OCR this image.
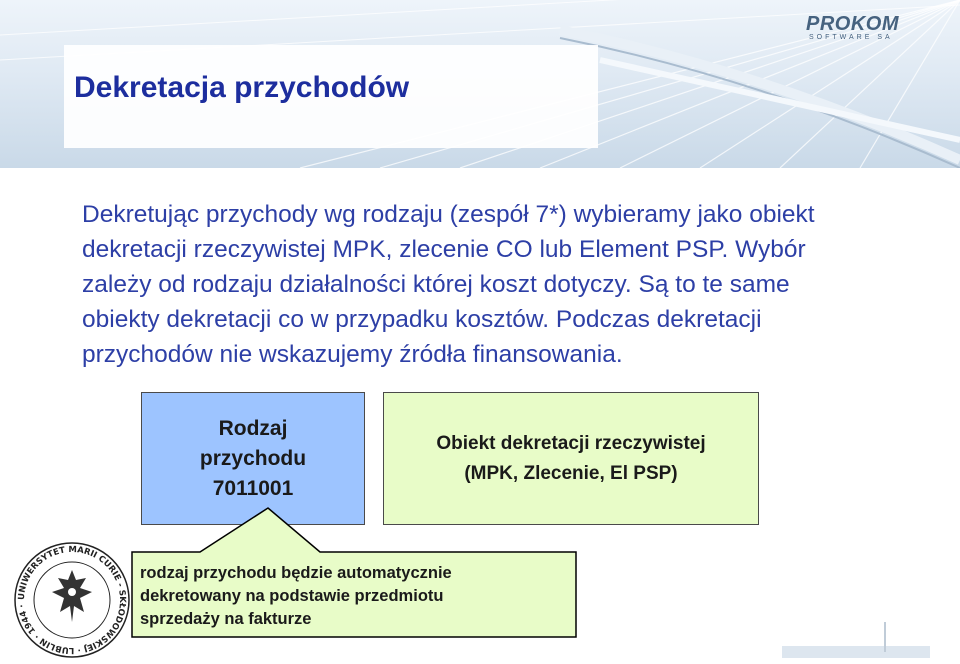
Dekretacja przychodów
PROKOM
SOFTWARE SA

Dekretując przychody wg rodzaju (zespół 7*) wybieramy jako obiekt dekretacji rzeczywistej MPK, zlecenie CO lub Element PSP. Wybór zależy od rodzaju działalności której koszt dotyczy. Są to te same obiekty dekretacji co w przypadku kosztów. Podczas dekretacji przychodów nie wskazujemy źródła finansowania.

Rodzaj
przychodu
7011001
Obiekt dekretacji rzeczywistej
(MPK, Zlecenie, El PSP)
rodzaj przychodu będzie automatycznie
dekretowany na podstawie przedmiotu
sprzedaży na fakturze
UNIWERSYTET MARII CURIE - SKŁODOWSKIEJ · LUBLIN · 1944 ·
